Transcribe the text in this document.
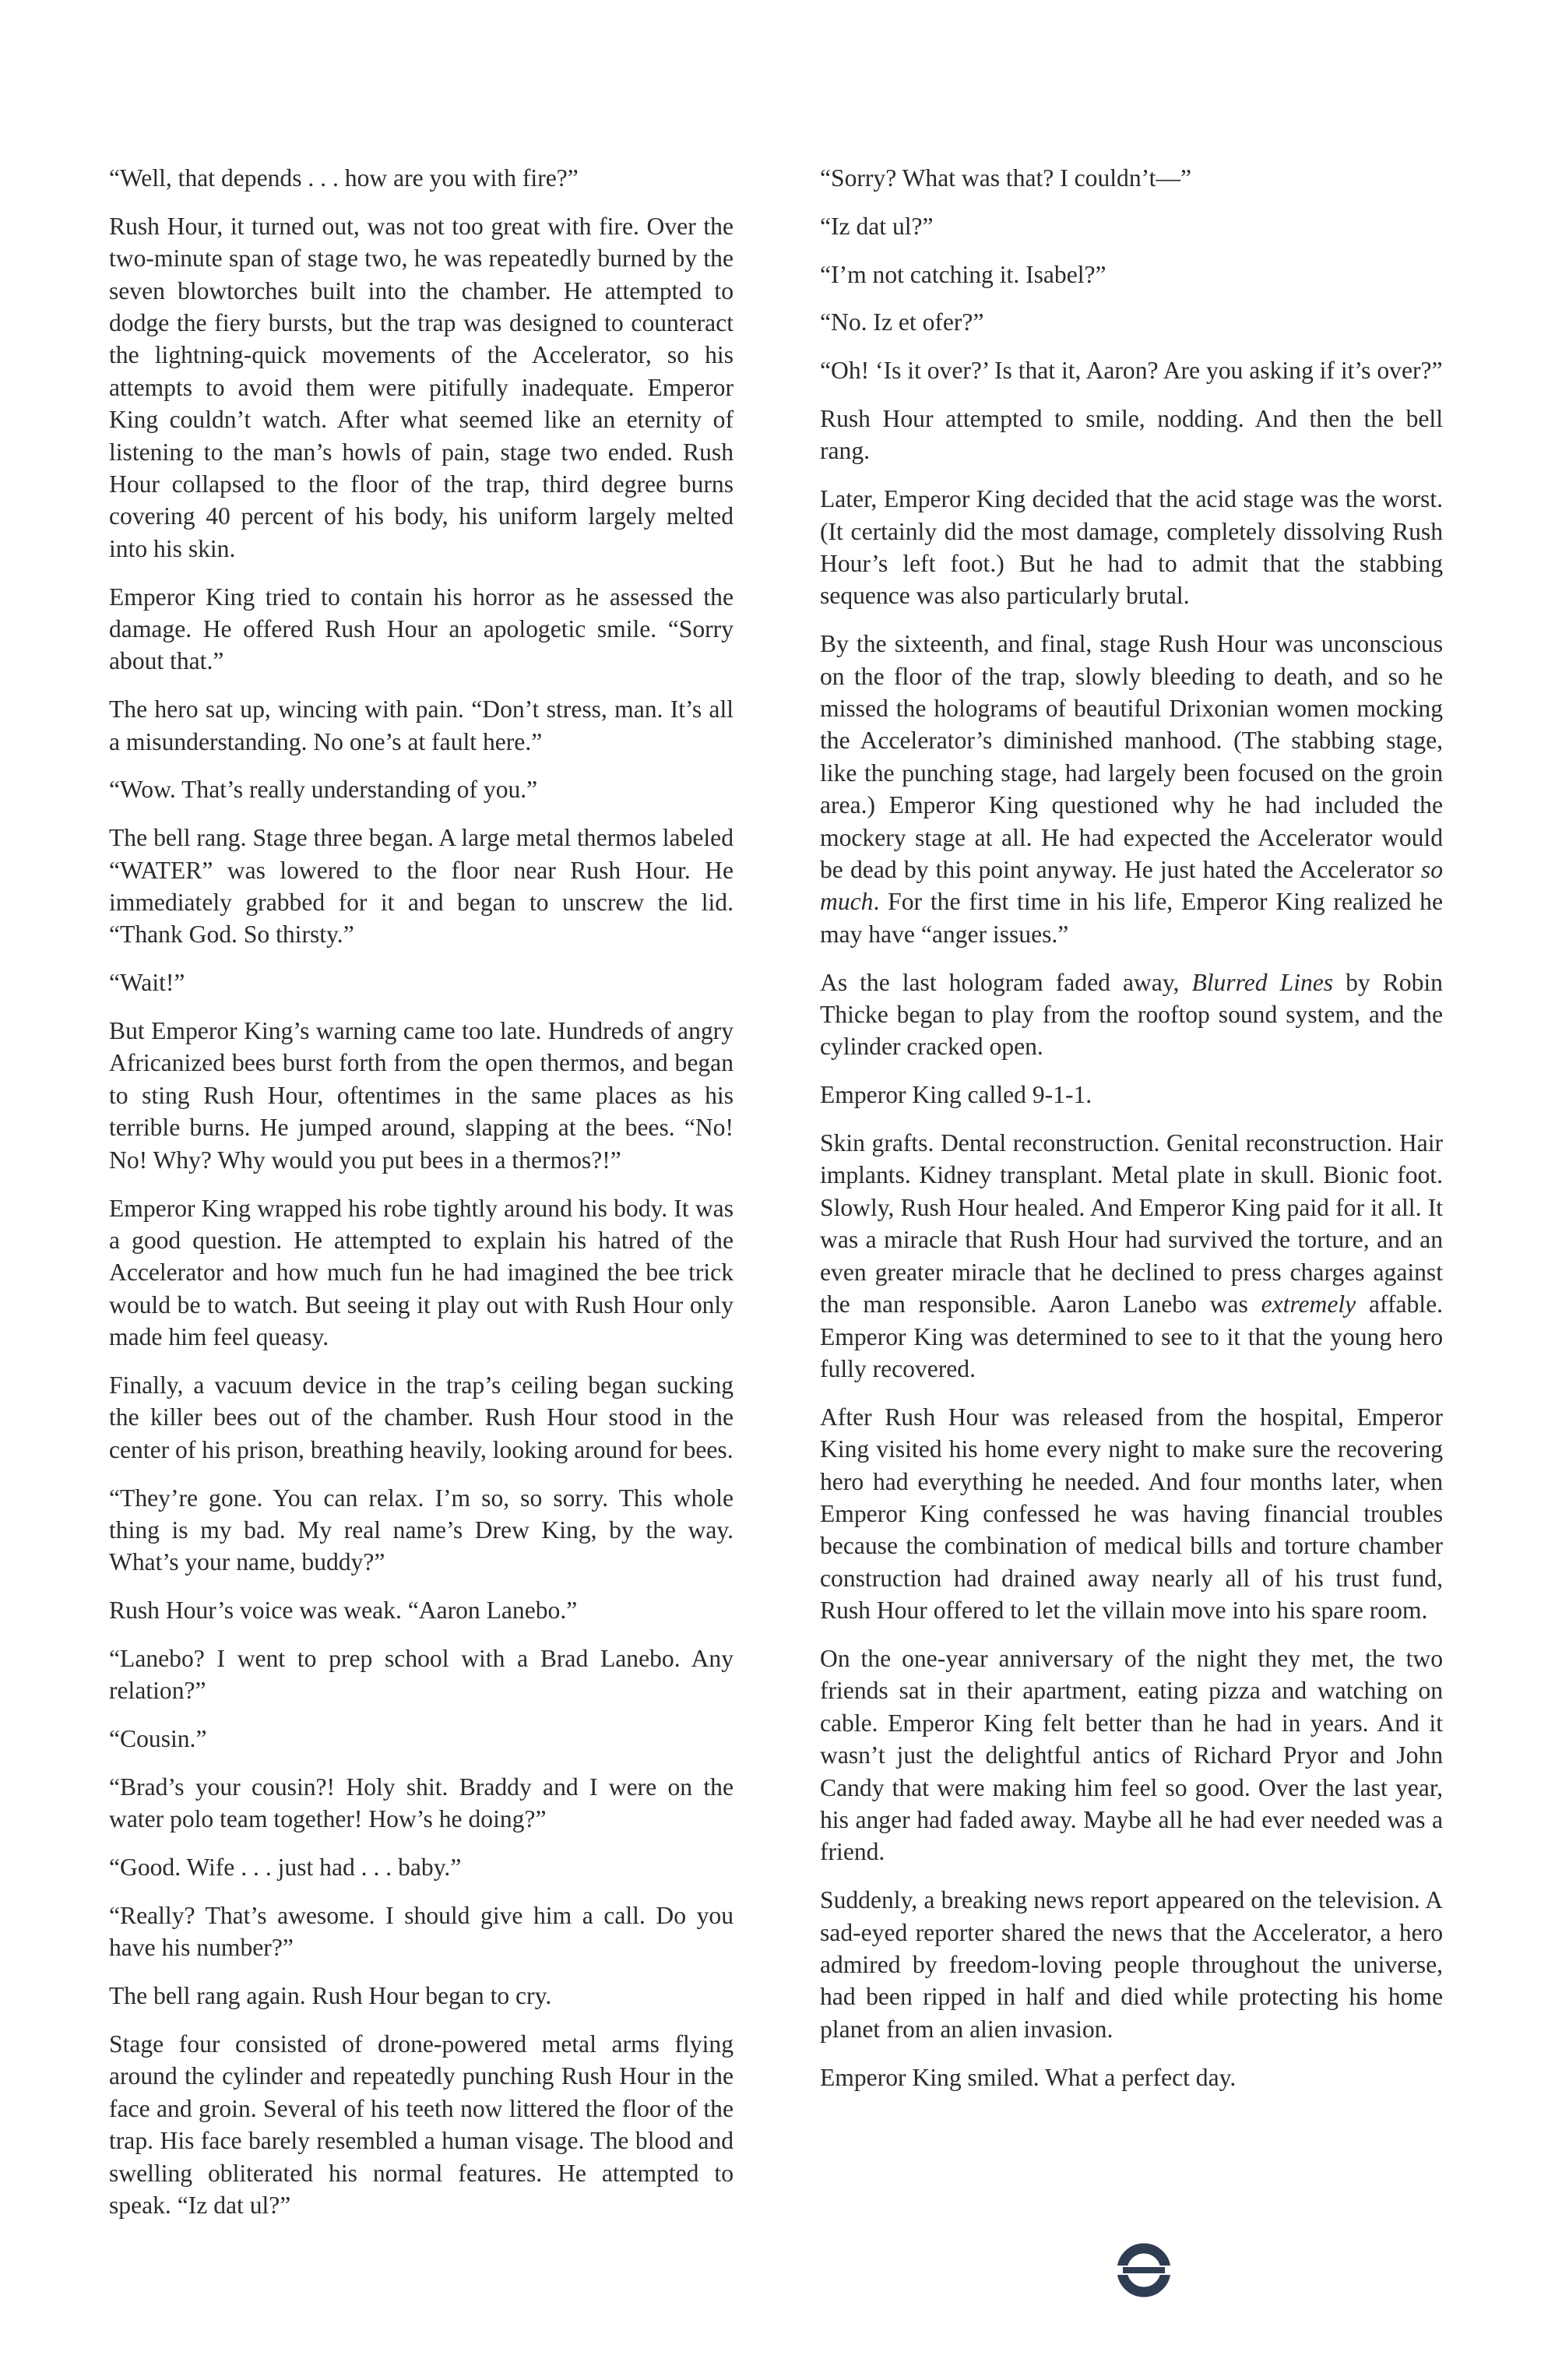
“Well, that depends . . . how are you with fire?”

Rush Hour, it turned out, was not too great with fire. Over the two-minute span of stage two, he was repeatedly burned by the seven blowtorches built into the chamber. He attempted to dodge the fiery bursts, but the trap was designed to counteract the lightning-quick movements of the Accelerator, so his attempts to avoid them were pitifully inadequate. Emperor King couldn’t watch. After what seemed like an eternity of listening to the man’s howls of pain, stage two ended. Rush Hour collapsed to the floor of the trap, third degree burns covering 40 percent of his body, his uniform largely melted into his skin.

Emperor King tried to contain his horror as he assessed the damage. He offered Rush Hour an apologetic smile. “Sorry about that.”

The hero sat up, wincing with pain. “Don’t stress, man. It’s all a misunderstanding. No one’s at fault here.”

“Wow. That’s really understanding of you.”

The bell rang. Stage three began. A large metal thermos labeled “WATER” was lowered to the floor near Rush Hour. He immediately grabbed for it and began to unscrew the lid. “Thank God. So thirsty.”

“Wait!”

But Emperor King’s warning came too late. Hundreds of angry Africanized bees burst forth from the open thermos, and began to sting Rush Hour, oftentimes in the same places as his terrible burns. He jumped around, slapping at the bees. “No! No! Why? Why would you put bees in a thermos?!”

Emperor King wrapped his robe tightly around his body. It was a good question. He attempted to explain his hatred of the Accelerator and how much fun he had imagined the bee trick would be to watch. But seeing it play out with Rush Hour only made him feel queasy.

Finally, a vacuum device in the trap’s ceiling began sucking the killer bees out of the chamber. Rush Hour stood in the center of his prison, breathing heavily, looking around for bees.

“They’re gone. You can relax. I’m so, so sorry. This whole thing is my bad. My real name’s Drew King, by the way. What’s your name, buddy?”

Rush Hour’s voice was weak. “Aaron Lanebo.”

“Lanebo? I went to prep school with a Brad Lanebo. Any relation?”

“Cousin.”

“Brad’s your cousin?! Holy shit. Braddy and I were on the water polo team together! How’s he doing?”

“Good. Wife . . . just had . . . baby.”

“Really? That’s awesome. I should give him a call. Do you have his number?”

The bell rang again. Rush Hour began to cry.

Stage four consisted of drone-powered metal arms flying around the cylinder and repeatedly punching Rush Hour in the face and groin. Several of his teeth now littered the floor of the trap. His face barely resembled a human visage. The blood and swelling obliterated his normal features. He attempted to speak. “Iz dat ul?”

“Sorry? What was that? I couldn’t—”

“Iz dat ul?”

“I’m not catching it. Isabel?”

“No. Iz et ofer?”

“Oh! ‘Is it over?’ Is that it, Aaron? Are you asking if it’s over?”

Rush Hour attempted to smile, nodding. And then the bell rang.

Later, Emperor King decided that the acid stage was the worst. (It certainly did the most damage, completely dissolving Rush Hour’s left foot.) But he had to admit that the stabbing sequence was also particularly brutal.

By the sixteenth, and final, stage Rush Hour was unconscious on the floor of the trap, slowly bleeding to death, and so he missed the holograms of beautiful Drixonian women mocking the Accelerator’s diminished manhood. (The stabbing stage, like the punching stage, had largely been focused on the groin area.) Emperor King questioned why he had included the mockery stage at all. He had expected the Accelerator would be dead by this point anyway. He just hated the Accelerator so much. For the first time in his life, Emperor King realized he may have “anger issues.”

As the last hologram faded away, Blurred Lines by Robin Thicke began to play from the rooftop sound system, and the cylinder cracked open.

Emperor King called 9-1-1.

Skin grafts. Dental reconstruction. Genital reconstruction. Hair implants. Kidney transplant. Metal plate in skull. Bionic foot. Slowly, Rush Hour healed. And Emperor King paid for it all. It was a miracle that Rush Hour had survived the torture, and an even greater miracle that he declined to press charges against the man responsible. Aaron Lanebo was extremely affable. Emperor King was determined to see to it that the young hero fully recovered.

After Rush Hour was released from the hospital, Emperor King visited his home every night to make sure the recovering hero had everything he needed. And four months later, when Emperor King confessed he was having financial troubles because the combination of medical bills and torture chamber construction had drained away nearly all of his trust fund, Rush Hour offered to let the villain move into his spare room.

On the one-year anniversary of the night they met, the two friends sat in their apartment, eating pizza and watching on cable. Emperor King felt better than he had in years. And it wasn’t just the delightful antics of Richard Pryor and John Candy that were making him feel so good. Over the last year, his anger had faded away. Maybe all he had ever needed was a friend.

Suddenly, a breaking news report appeared on the television. A sad-eyed reporter shared the news that the Accelerator, a hero admired by freedom-loving people throughout the universe, had been ripped in half and died while protecting his home planet from an alien invasion.

Emperor King smiled. What a perfect day.
